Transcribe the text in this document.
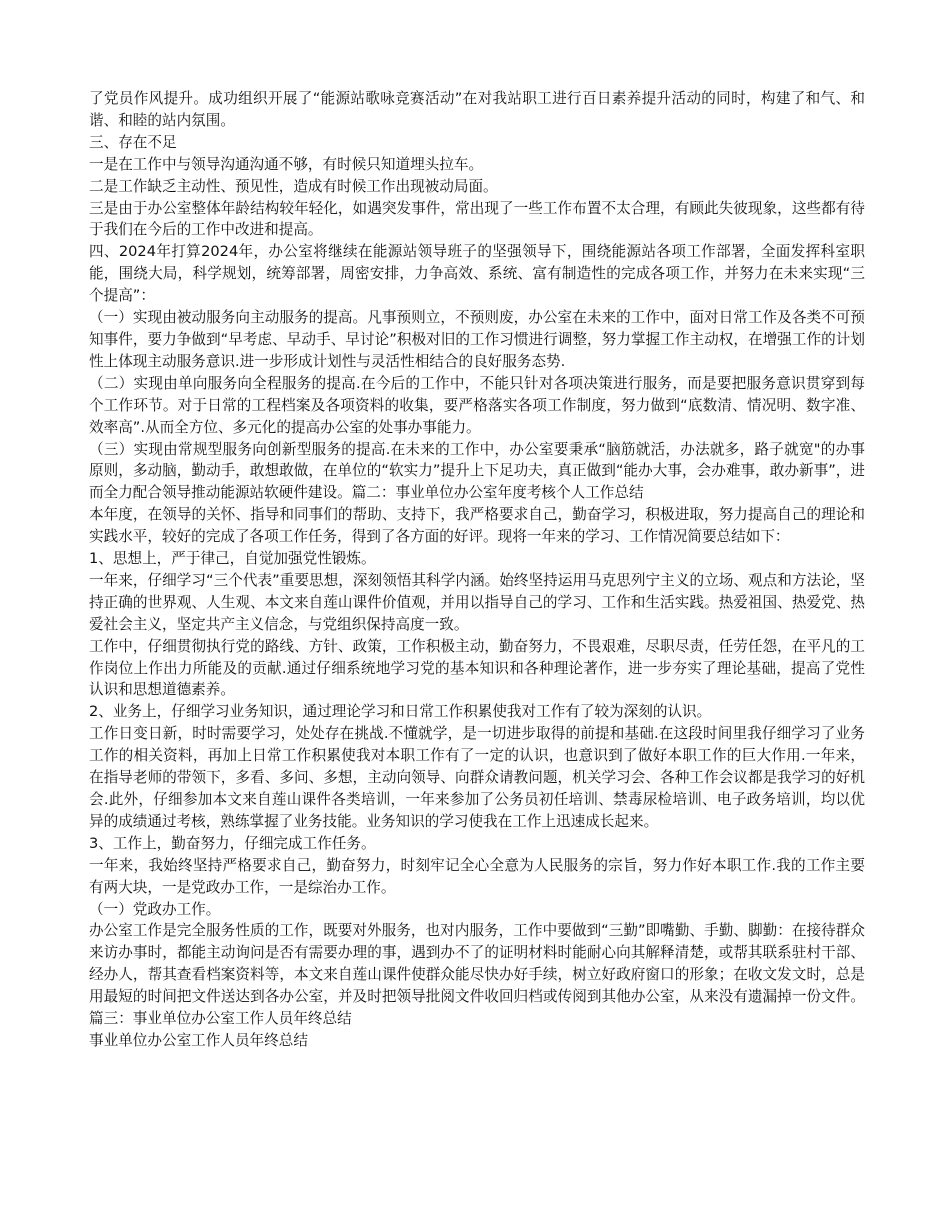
了党员作风提升。成功组织开展了“能源站歌咏竞赛活动”在对我站职工进行百日素养提升活动的同时，构建了和气、和谐、和睦的站内氛围。

三、存在不足

一是在工作中与领导沟通沟通不够，有时候只知道埋头拉车。

二是工作缺乏主动性、预见性，造成有时候工作出现被动局面。

三是由于办公室整体年龄结构较年轻化，如遇突发事件，常出现了一些工作布置不太合理，有顾此失彼现象，这些都有待于我们在今后的工作中改进和提高。

四、2024年打算2024年，办公室将继续在能源站领导班子的坚强领导下，围绕能源站各项工作部署，全面发挥科室职能，围绕大局，科学规划，统筹部署，周密安排，力争高效、系统、富有制造性的完成各项工作，并努力在未来实现“三个提高”：

（一）实现由被动服务向主动服务的提高。凡事预则立，不预则废，办公室在未来的工作中，面对日常工作及各类不可预知事件，要力争做到“早考虑、早动手、早讨论”积极对旧的工作习惯进行调整，努力掌握工作主动权，在增强工作的计划性上体现主动服务意识.进一步形成计划性与灵活性相结合的良好服务态势.

（二）实现由单向服务向全程服务的提高.在今后的工作中，不能只针对各项决策进行服务，而是要把服务意识贯穿到每个工作环节。对于日常的工程档案及各项资料的收集，要严格落实各项工作制度，努力做到“底数清、情况明、数字准、效率高”.从而全方位、多元化的提高办公室的处事办事能力。

（三）实现由常规型服务向创新型服务的提高.在未来的工作中，办公室要秉承“脑筋就活，办法就多，路子就宽"的办事原则，多动脑，勤动手，敢想敢做，在单位的“软实力”提升上下足功夫，真正做到“能办大事，会办难事，敢办新事”，进而全力配合领导推动能源站软硬件建设。篇二：事业单位办公室年度考核个人工作总结

本年度，在领导的关怀、指导和同事们的帮助、支持下，我严格要求自己，勤奋学习，积极进取，努力提高自己的理论和实践水平，较好的完成了各项工作任务，得到了各方面的好评。现将一年来的学习、工作情况简要总结如下：

1、思想上，严于律己，自觉加强党性锻炼。

一年来，仔细学习“三个代表”重要思想，深刻领悟其科学内涵。始终坚持运用马克思列宁主义的立场、观点和方法论，坚持正确的世界观、人生观、本文来自莲山课件价值观，并用以指导自己的学习、工作和生活实践。热爱祖国、热爱党、热爱社会主义，坚定共产主义信念，与党组织保持高度一致。

工作中，仔细贯彻执行党的路线、方针、政策，工作积极主动，勤奋努力，不畏艰难，尽职尽责，任劳任怨，在平凡的工作岗位上作出力所能及的贡献.通过仔细系统地学习党的基本知识和各种理论著作，进一步夯实了理论基础，提高了党性认识和思想道德素养。

2、业务上，仔细学习业务知识，通过理论学习和日常工作积累使我对工作有了较为深刻的认识。

工作日变日新，时时需要学习，处处存在挑战.不懂就学，是一切进步取得的前提和基础.在这段时间里我仔细学习了业务工作的相关资料，再加上日常工作积累使我对本职工作有了一定的认识，也意识到了做好本职工作的巨大作用.一年来，在指导老师的带领下，多看、多问、多想，主动向领导、向群众请教问题，机关学习会、各种工作会议都是我学习的好机会.此外，仔细参加本文来自莲山课件各类培训，一年来参加了公务员初任培训、禁毒尿检培训、电子政务培训，均以优异的成绩通过考核，熟练掌握了业务技能。业务知识的学习使我在工作上迅速成长起来。

3、工作上，勤奋努力，仔细完成工作任务。

一年来，我始终坚持严格要求自己，勤奋努力，时刻牢记全心全意为人民服务的宗旨，努力作好本职工作.我的工作主要有两大块，一是党政办工作，一是综治办工作。

（一）党政办工作。

办公室工作是完全服务性质的工作，既要对外服务，也对内服务，工作中要做到“三勤”即嘴勤、手勤、脚勤：在接待群众来访办事时，都能主动询问是否有需要办理的事，遇到办不了的证明材料时能耐心向其解释清楚，或帮其联系驻村干部、经办人，帮其查看档案资料等，本文来自莲山课件使群众能尽快办好手续，树立好政府窗口的形象；在收文发文时，总是用最短的时间把文件送达到各办公室，并及时把领导批阅文件收回归档或传阅到其他办公室，从来没有遗漏掉一份文件。篇三：事业单位办公室工作人员年终总结

事业单位办公室工作人员年终总结
